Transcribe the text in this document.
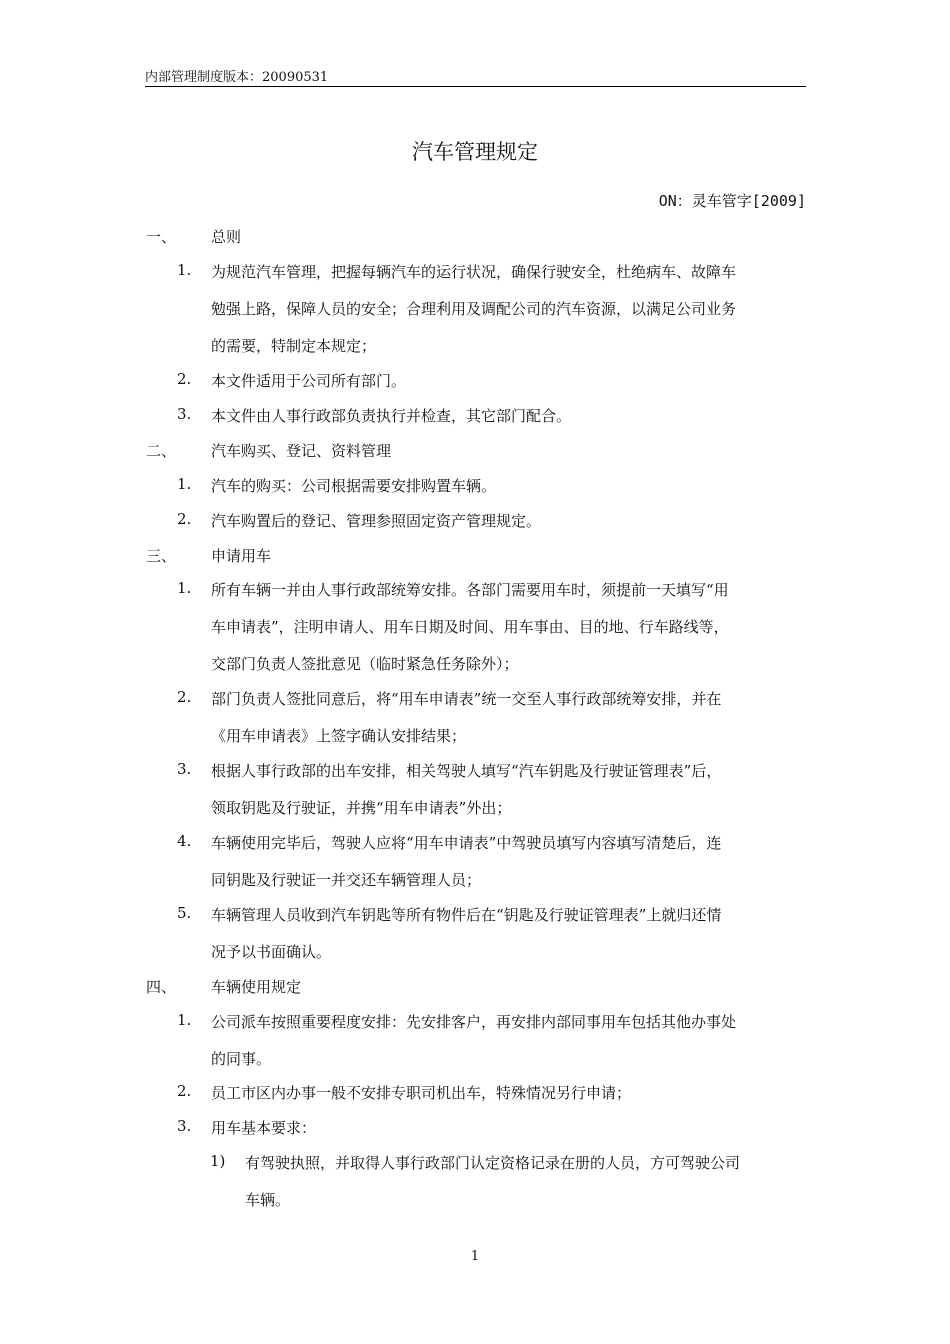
内部管理制度版本：20090531
汽车管理规定
ON：灵车管字[2009]
一、 总则
1. 为规范汽车管理，把握每辆汽车的运行状况，确保行驶安全，杜绝病车、故障车
勉强上路，保障人员的安全；合理利用及调配公司的汽车资源，以满足公司业务
的需要，特制定本规定；
2. 本文件适用于公司所有部门。
3. 本文件由人事行政部负责执行并检查，其它部门配合。
二、 汽车购买、登记、资料管理
1. 汽车的购买：公司根据需要安排购置车辆。
2. 汽车购置后的登记、管理参照固定资产管理规定。
三、 申请用车
1. 所有车辆一并由人事行政部统筹安排。各部门需要用车时，须提前一天填写“用
车申请表”，注明申请人、用车日期及时间、用车事由、目的地、行车路线等，
交部门负责人签批意见（临时紧急任务除外）；
2. 部门负责人签批同意后，将“用车申请表”统一交至人事行政部统筹安排，并在
《用车申请表》上签字确认安排结果；
3. 根据人事行政部的出车安排，相关驾驶人填写“汽车钥匙及行驶证管理表”后，
领取钥匙及行驶证，并携“用车申请表”外出；
4. 车辆使用完毕后，驾驶人应将“用车申请表”中驾驶员填写内容填写清楚后，连
同钥匙及行驶证一并交还车辆管理人员；
5. 车辆管理人员收到汽车钥匙等所有物件后在“钥匙及行驶证管理表”上就归还情
况予以书面确认。
四、 车辆使用规定
1. 公司派车按照重要程度安排：先安排客户，再安排内部同事用车包括其他办事处
的同事。
2. 员工市区内办事一般不安排专职司机出车，特殊情况另行申请；
3. 用车基本要求：
1) 有驾驶执照，并取得人事行政部门认定资格记录在册的人员，方可驾驶公司
车辆。
1
